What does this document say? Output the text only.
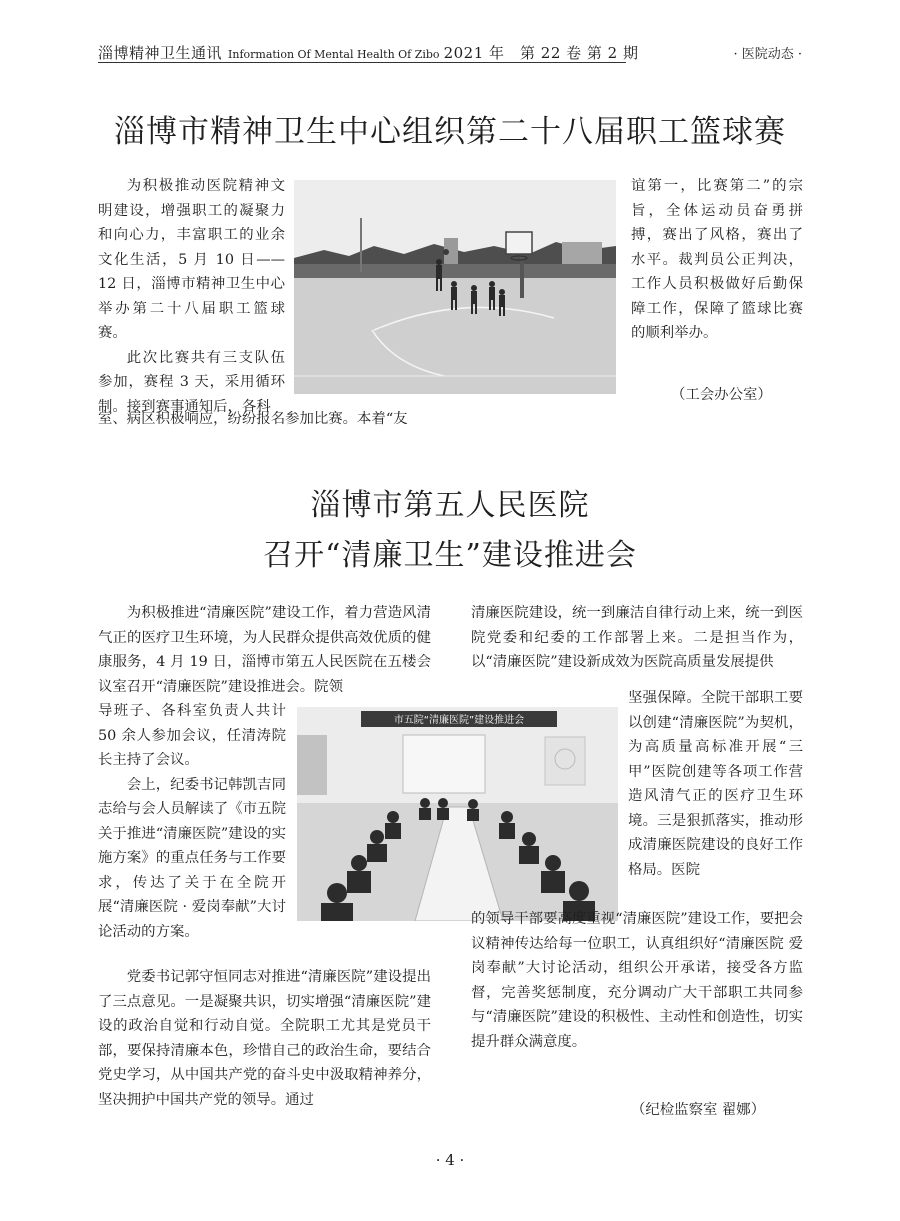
淄博精神卫生通讯 Information Of Mental Health Of Zibo 2021 年　第 22 卷 第 2 期	· 医院动态 ·
淄博市精神卫生中心组织第二十八届职工篮球赛

为积极推动医院精神文明建设，增强职工的凝聚力和向心力，丰富职工的业余文化生活，5 月 10 日——12 日，淄博市精神卫生中心举办第二十八届职工篮球赛。

此次比赛共有三支队伍参加，赛程 3 天，采用循环制。接到赛事通知后，各科

室、病区积极响应，纷纷报名参加比赛。本着“友

谊第一，比赛第二”的宗旨，全体运动员奋勇拼搏，赛出了风格，赛出了水平。裁判员公正判决，工作人员积极做好后勤保障工作，保障了篮球比赛的顺利举办。

（工会办公室）
淄博市第五人民医院
召开“清廉卫生”建设推进会

为积极推进“清廉医院”建设工作，着力营造风清气正的医疗卫生环境，为人民群众提供高效优质的健康服务，4 月 19 日，淄博市第五人民医院在五楼会议室召开“清廉医院”建设推进会。院领

导班子、各科室负责人共计 50 余人参加会议，任清涛院长主持了会议。

会上，纪委书记韩凯吉同志给与会人员解读了《市五院关于推进“清廉医院”建设的实施方案》的重点任务与工作要求，传达了关于在全院开展“清廉医院 · 爱岗奉献”大讨论活动的方案。

党委书记郭守恒同志对推进“清廉医院”建设提出了三点意见。一是凝聚共识，切实增强“清廉医院”建设的政治自觉和行动自觉。全院职工尤其是党员干部，要保持清廉本色，珍惜自己的政治生命，要结合党史学习，从中国共产党的奋斗史中汲取精神养分，坚决拥护中国共产党的领导。通过

市五院“清廉医院”建设推进会

清廉医院建设，统一到廉洁自律行动上来，统一到医院党委和纪委的工作部署上来。二是担当作为，以“清廉医院”建设新成效为医院高质量发展提供

坚强保障。全院干部职工要以创建“清廉医院”为契机，为高质量高标准开展“三甲”医院创建等各项工作营造风清气正的医疗卫生环境。三是狠抓落实，推动形成清廉医院建设的良好工作格局。医院

的领导干部要高度重视“清廉医院”建设工作，要把会议精神传达给每一位职工，认真组织好“清廉医院 爱岗奉献”大讨论活动，组织公开承诺，接受各方监督，完善奖惩制度，充分调动广大干部职工共同参与“清廉医院”建设的积极性、主动性和创造性，切实提升群众满意度。

（纪检监察室 翟娜）
· 4 ·
